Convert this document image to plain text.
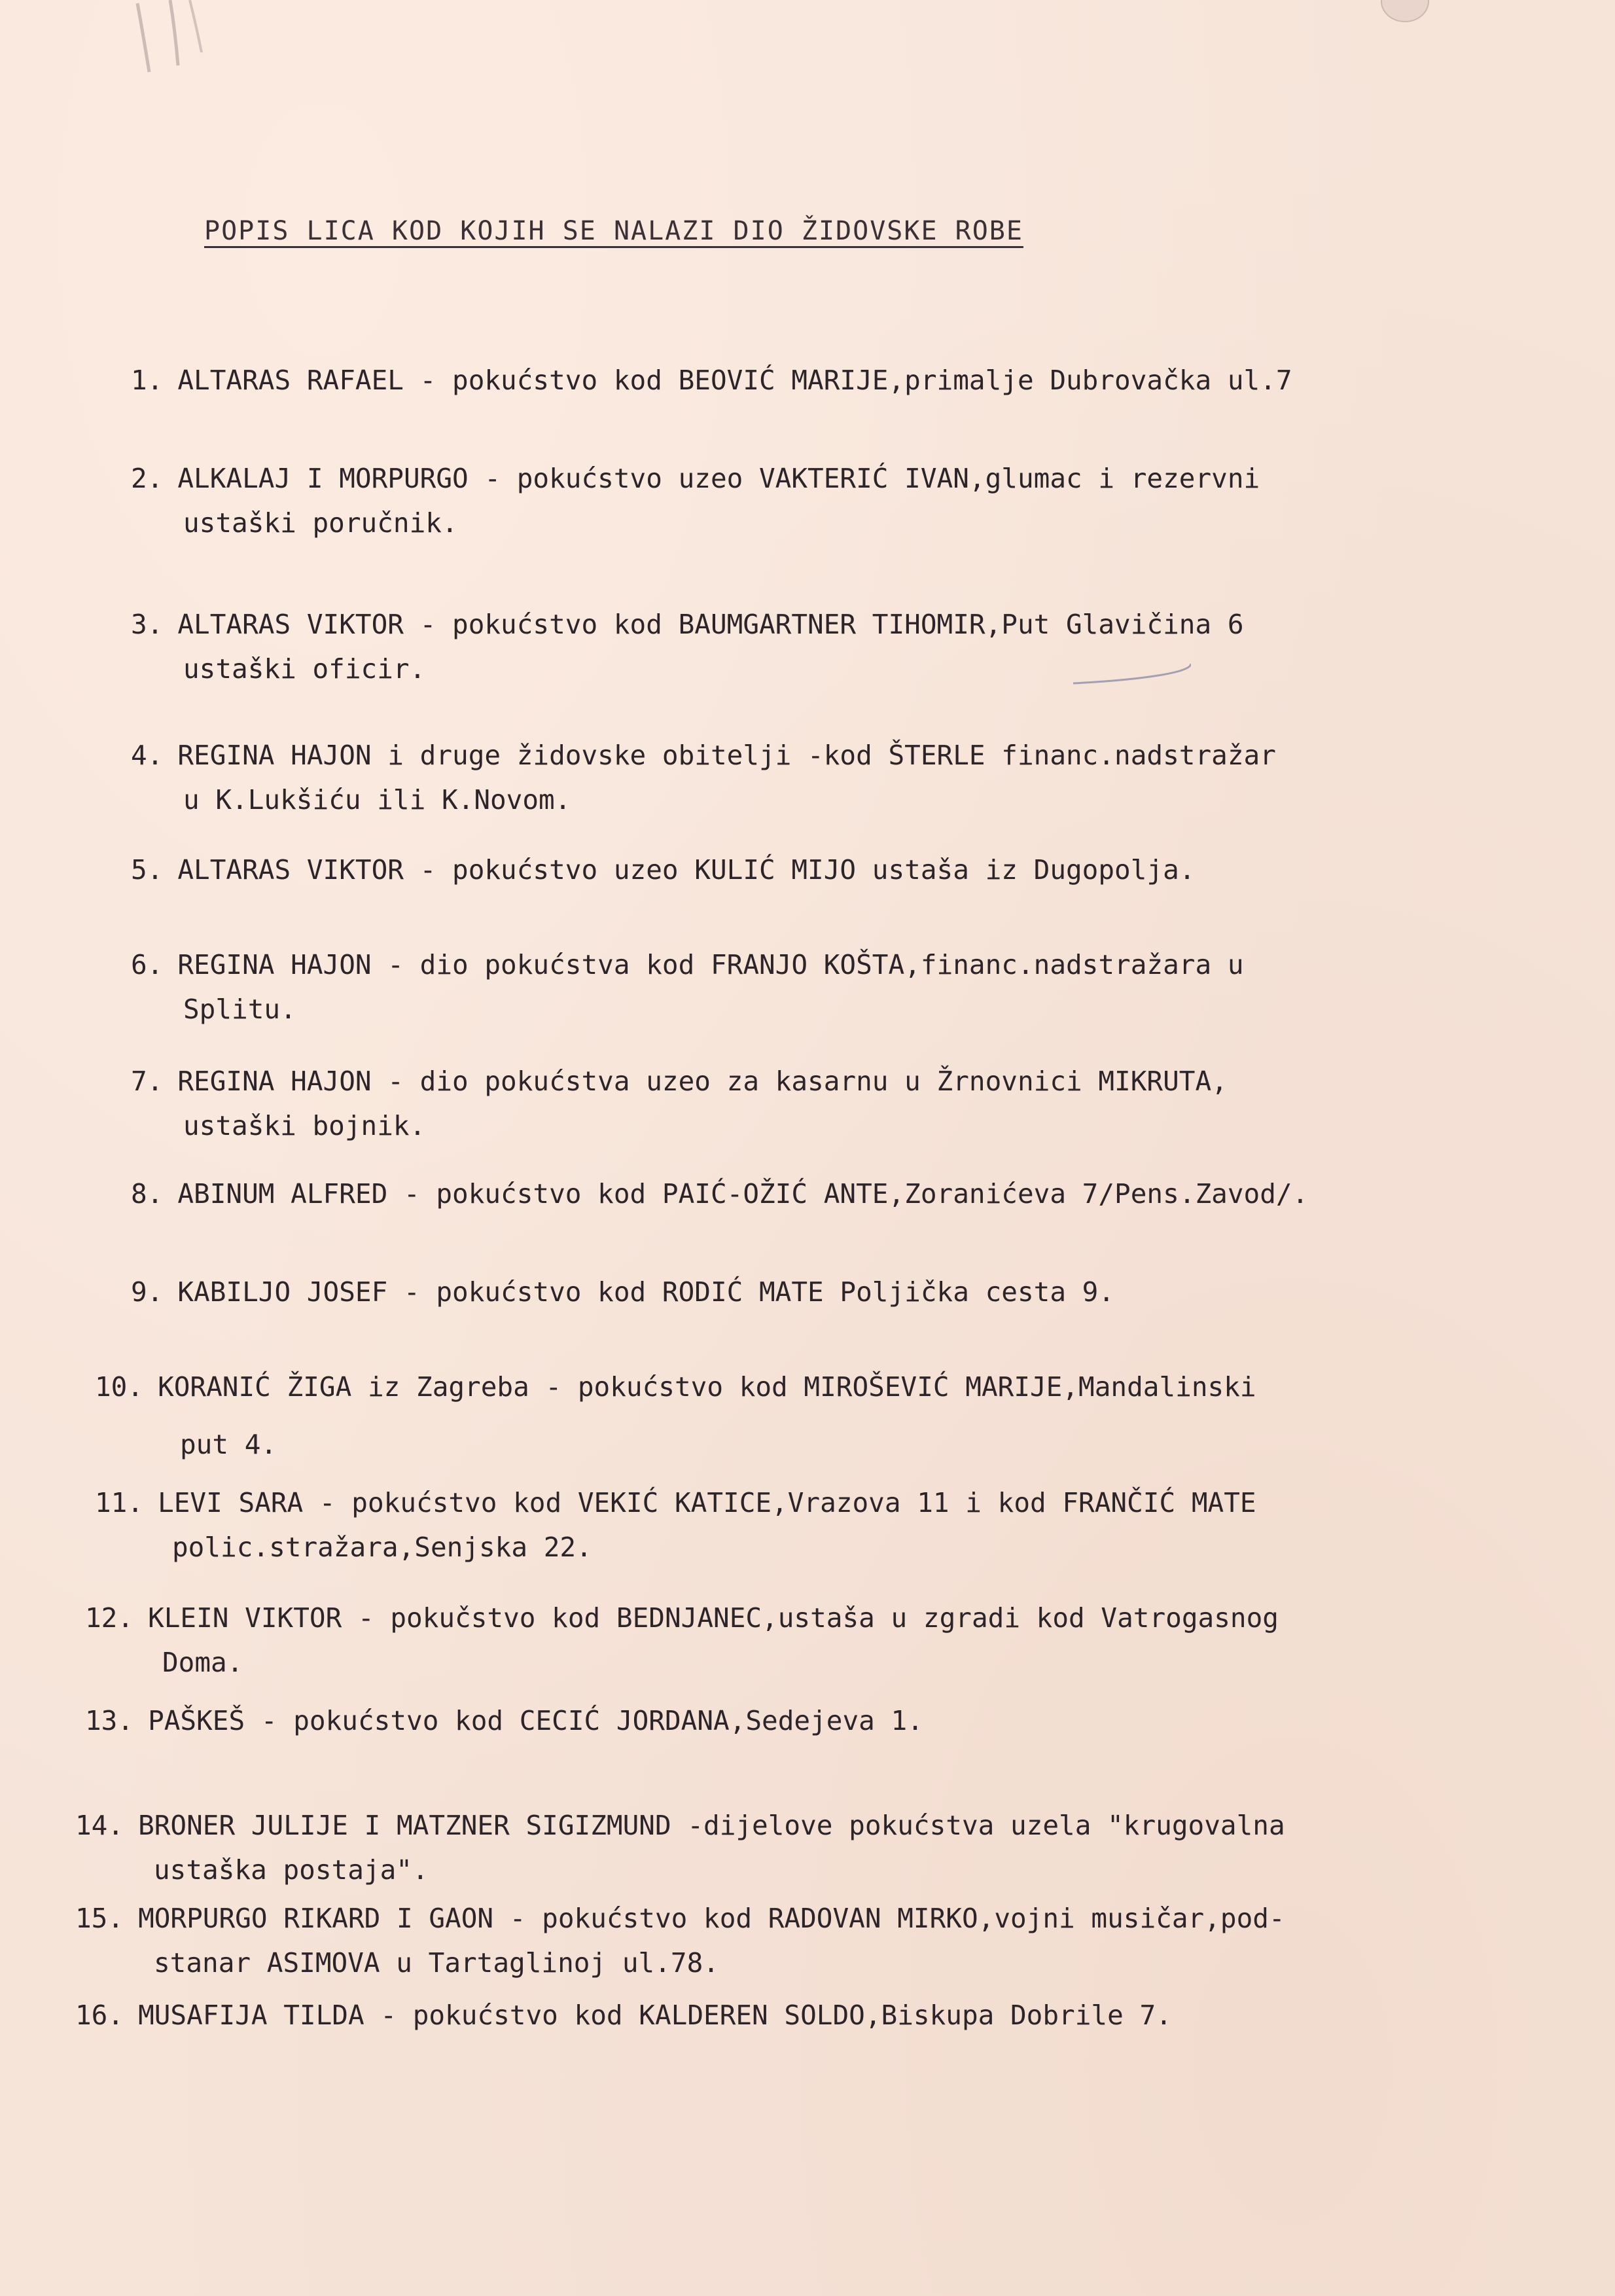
POPIS LICA KOD KOJIH SE NALAZI DIO ŽIDOVSKE ROBE
1. ALTARAS RAFAEL - pokućstvo kod BEOVIĆ MARIJE,primalje Dubrovačka ul.7
2. ALKALAJ I MORPURGO - pokućstvo uzeo VAKTERIĆ IVAN,glumac i rezervni
ustaški poručnik.
3. ALTARAS VIKTOR - pokućstvo kod BAUMGARTNER TIHOMIR,Put Glavičina 6
ustaški oficir.
4. REGINA HAJON i druge židovske obitelji -kod ŠTERLE financ.nadstražar
u K.Lukšiću ili K.Novom.
5. ALTARAS VIKTOR - pokućstvo uzeo KULIĆ MIJO ustaša iz Dugopolja.
6. REGINA HAJON - dio pokućstva kod FRANJO KOŠTA,financ.nadstražara u
Splitu.
7. REGINA HAJON - dio pokućstva uzeo za kasarnu u Žrnovnici MIKRUTA,
ustaški bojnik.
8. ABINUM ALFRED - pokućstvo kod PAIĆ-OŽIĆ ANTE,Zoranićeva 7/Pens.Zavod/.
9. KABILJO JOSEF - pokućstvo kod RODIĆ MATE Poljička cesta 9.
10. KORANIĆ ŽIGA iz Zagreba - pokućstvo kod MIROŠEVIĆ MARIJE,Mandalinski
put 4.
11. LEVI SARA - pokućstvo kod VEKIĆ KATICE,Vrazova 11 i kod FRANČIĆ MATE
polic.stražara,Senjska 22.
12. KLEIN VIKTOR - pokučstvo kod BEDNJANEC,ustaša u zgradi kod Vatrogasnog
Doma.
13. PAŠKEŠ - pokućstvo kod CECIĆ JORDANA,Sedejeva 1.
14. BRONER JULIJE I MATZNER SIGIZMUND -dijelove pokućstva uzela "krugovalna
ustaška postaja".
15. MORPURGO RIKARD I GAON - pokućstvo kod RADOVAN MIRKO,vojni musičar,pod-
stanar ASIMOVA u Tartaglinoj ul.78.
16. MUSAFIJA TILDA - pokućstvo kod KALDEREN SOLDO,Biskupa Dobrile 7.
